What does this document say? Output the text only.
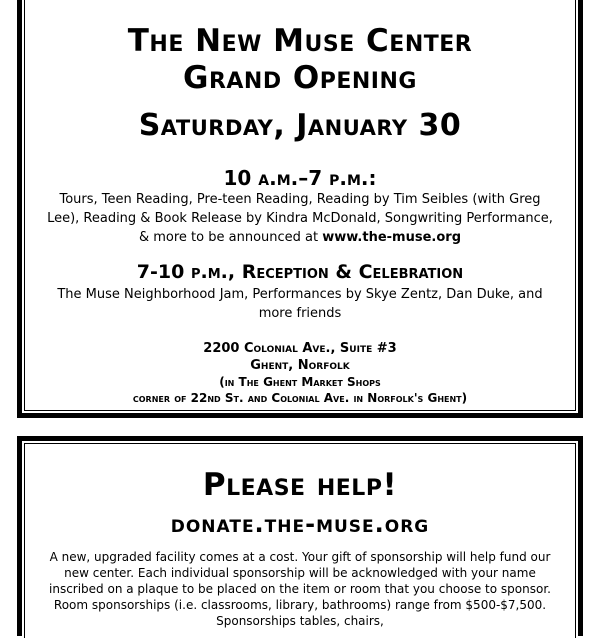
The New Muse Center
Grand Opening
Saturday, January 30
10 a.m.–7 p.m.:

Tours, Teen Reading, Pre-teen Reading, Reading by Tim Seibles (with Greg Lee), Reading & Book Release by Kindra McDonald, Songwriting Performance, & more to be announced at www.the-muse.org

7-10 p.m., Reception & Celebration

The Muse Neighborhood Jam, Performances by Skye Zentz, Dan Duke, and more friends

2200 Colonial Ave., Suite #3
Ghent, Norfolk
(in The Ghent Market Shops
corner of 22nd St. and Colonial Ave. in Norfolk's Ghent)
Please help!
donate.the-muse.org

A new, upgraded facility comes at a cost. Your gift of sponsorship will help fund our new center. Each individual sponsorship will be acknowledged with your name inscribed on a plaque to be placed on the item or room that you choose to sponsor. Room sponsorships (i.e. classrooms, library, bathrooms) range from $500-$7,500. Sponsorships tables, chairs,
